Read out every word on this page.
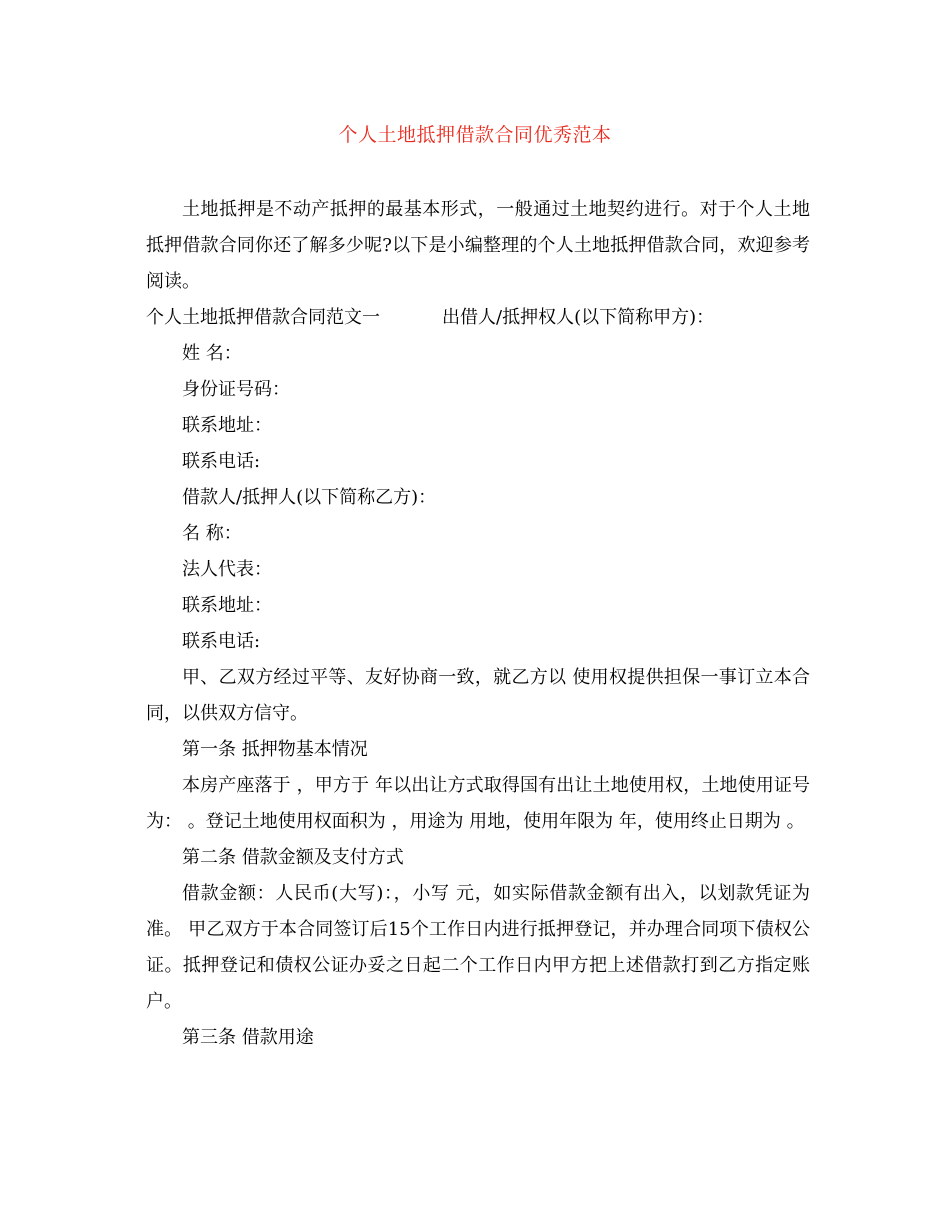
个人土地抵押借款合同优秀范本

土地抵押是不动产抵押的最基本形式，一般通过土地契约进行。对于个人土地抵押借款合同你还了解多少呢?以下是小编整理的个人土地抵押借款合同，欢迎参考阅读。

个人土地抵押借款合同范文一	出借人/抵押权人(以下简称甲方)：

姓 名：

身份证号码：

联系地址：

联系电话:

借款人/抵押人(以下简称乙方)：

名 称：

法人代表：

联系地址：

联系电话:

甲、乙双方经过平等、友好协商一致，就乙方以 使用权提供担保一事订立本合同，以供双方信守。

第一条 抵押物基本情况

本房产座落于 ，甲方于 年以出让方式取得国有出让土地使用权，土地使用证号为： 。登记土地使用权面积为 ，用途为 用地，使用年限为 年，使用终止日期为 。

第二条 借款金额及支付方式

借款金额：人民币(大写)：，小写 元，如实际借款金额有出入，以划款凭证为准。 甲乙双方于本合同签订后15个工作日内进行抵押登记，并办理合同项下债权公证。抵押登记和债权公证办妥之日起二个工作日内甲方把上述借款打到乙方指定账户。

第三条 借款用途
